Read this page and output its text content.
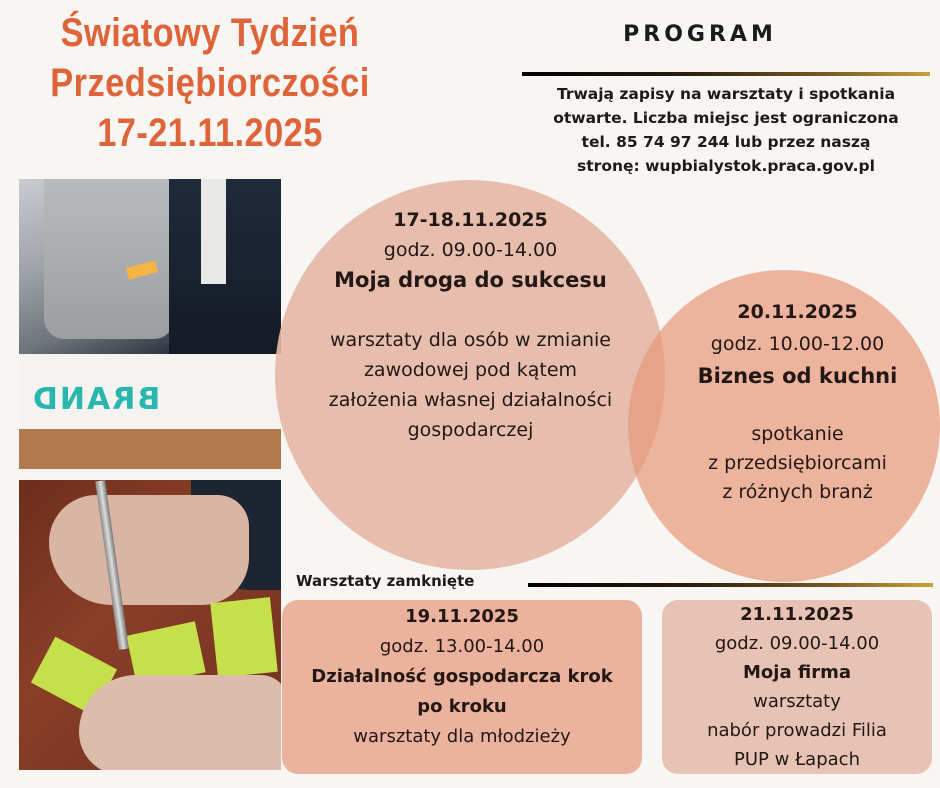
Światowy Tydzień
Przedsiębiorczości
17-21.11.2025
PROGRAM
Trwają zapisy na warsztaty i spotkania
otwarte. Liczba miejsc jest ograniczona
tel. 85 74 97 244 lub przez naszą
stronę: wupbialystok.praca.gov.pl
BRAND
17-18.11.2025
godz. 09.00-14.00
Moja droga do sukcesu
warsztaty dla osób w zmianie
zawodowej pod kątem
założenia własnej działalności
gospodarczej
20.11.2025
godz. 10.00-12.00
Biznes od kuchni
spotkanie
z przedsiębiorcami
z różnych branż
Warsztaty zamknięte
19.11.2025
godz. 13.00-14.00
Działalność gospodarcza krok
po kroku
warsztaty dla młodzieży
21.11.2025
godz. 09.00-14.00
Moja firma
warsztaty
nabór prowadzi Filia
PUP w Łapach
